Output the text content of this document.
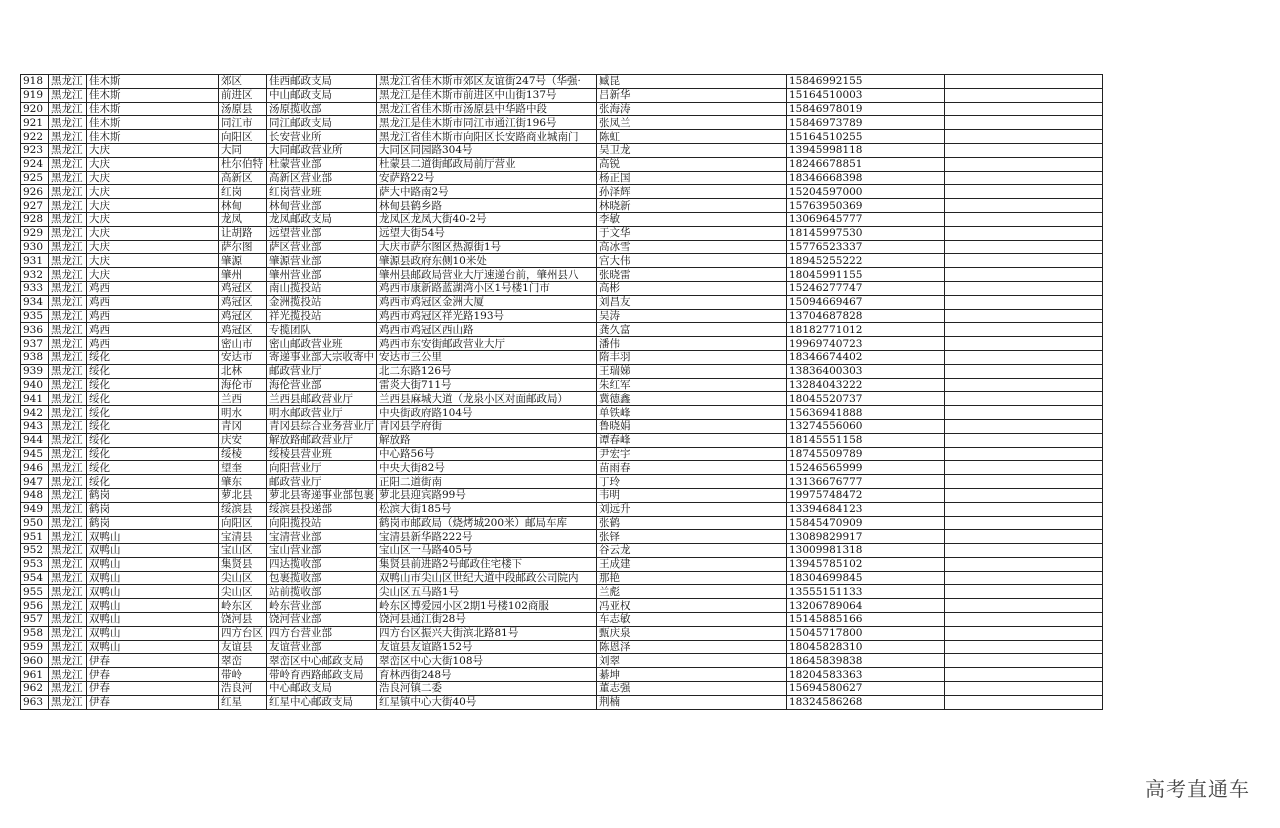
918	黑龙江	佳木斯	郊区	佳西邮政支局	黑龙江省佳木斯市郊区友谊街247号（华强·	臧昆	15846992155	
919	黑龙江	佳木斯	前进区	中山邮政支局	黑龙江是佳木斯市前进区中山街137号	吕新华	15164510003	
920	黑龙江	佳木斯	汤原县	汤原揽收部	黑龙江省佳木斯市汤原县中华路中段	张海涛	15846978019	
921	黑龙江	佳木斯	同江市	同江邮政支局	黑龙江是佳木斯市同江市通江街196号	张凤兰	15846973789	
922	黑龙江	佳木斯	向阳区	长安营业所	黑龙江省佳木斯市向阳区长安路商业城南门	陈虹	15164510255	
923	黑龙江	大庆	大同	大同邮政营业所	大同区同园路304号	吴卫龙	13945998118	
924	黑龙江	大庆	杜尔伯特	杜蒙营业部	杜蒙县二道街邮政局前厅营业	高锐	18246678851	
925	黑龙江	大庆	高新区	高新区营业部	安萨路22号	杨正国	18346668398	
926	黑龙江	大庆	红岗	红岗营业班	萨大中路南2号	孙泽辉	15204597000	
927	黑龙江	大庆	林甸	林甸营业部	林甸县鹤乡路	林晓新	15763950369	
928	黑龙江	大庆	龙凤	龙凤邮政支局	龙凤区龙凤大街40-2号	李敏	13069645777	
929	黑龙江	大庆	让胡路	远望营业部	远望大街54号	于文华	18145997530	
930	黑龙江	大庆	萨尔图	萨区营业部	大庆市萨尔图区热源街1号	高冰雪	15776523337	
931	黑龙江	大庆	肇源	肇源营业部	肇源县政府东侧10米处	宫大伟	18945255222	
932	黑龙江	大庆	肇州	肇州营业部	肇州县邮政局营业大厅速递台前，肇州县八	张晓雷	18045991155	
933	黑龙江	鸡西	鸡冠区	南山揽投站	鸡西市康新路蓝湖湾小区1号楼1门市	高彬	15246277747	
934	黑龙江	鸡西	鸡冠区	金洲揽投站	鸡西市鸡冠区金洲大厦	刘昌友	15094669467	
935	黑龙江	鸡西	鸡冠区	祥光揽投站	鸡西市鸡冠区祥光路193号	吴涛	13704687828	
936	黑龙江	鸡西	鸡冠区	专揽团队	鸡西市鸡冠区西山路	龚久富	18182771012	
937	黑龙江	鸡西	密山市	密山邮政营业班	鸡西市东安街邮政营业大厅	潘伟	19969740723	
938	黑龙江	绥化	安达市	寄递事业部大宗收寄中	安达市三公里	隋丰羽	18346674402	
939	黑龙江	绥化	北林	邮政营业厅	北二东路126号	王瑞娣	13836400303	
940	黑龙江	绥化	海伦市	海伦营业部	雷炎大街711号	朱红军	13284043222	
941	黑龙江	绥化	兰西	兰西县邮政营业厅	兰西县麻城大道（龙泉小区对面邮政局）	冀德鑫	18045520737	
942	黑龙江	绥化	明水	明水邮政营业厅	中央街政府路104号	单铁峰	15636941888	
943	黑龙江	绥化	青冈	青冈县综合业务营业厅	青冈县学府街	鲁晓娟	13274556060	
944	黑龙江	绥化	庆安	解放路邮政营业厅	解放路	谭春峰	18145551158	
945	黑龙江	绥化	绥棱	绥棱县营业班	中心路56号	尹宏宇	18745509789	
946	黑龙江	绥化	望奎	向阳营业厅	中央大街82号	苗雨春	15246565999	
947	黑龙江	绥化	肇东	邮政营业厅	正阳二道街南	丁玲	13136676777	
948	黑龙江	鹤岗	萝北县	萝北县寄递事业部包裹	萝北县迎宾路99号	韦明	19975748472	
949	黑龙江	鹤岗	绥滨县	绥滨县投递部	松滨大街185号	刘远升	13394684123	
950	黑龙江	鹤岗	向阳区	向阳揽投站	鹤岗市邮政局（烧烤城200米）邮局车库	张鹤	15845470909	
951	黑龙江	双鸭山	宝清县	宝清营业部	宝清县新华路222号	张铎	13089829917	
952	黑龙江	双鸭山	宝山区	宝山营业部	宝山区一马路405号	谷云龙	13009981318	
953	黑龙江	双鸭山	集贤县	四达揽收部	集贤县前进路2号邮政住宅楼下	王成建	13945785102	
954	黑龙江	双鸭山	尖山区	包裹揽收部	双鸭山市尖山区世纪大道中段邮政公司院内	那艳	18304699845	
955	黑龙江	双鸭山	尖山区	站前揽收部	尖山区五马路1号	兰彪	13555151133	
956	黑龙江	双鸭山	岭东区	岭东营业部	岭东区博爱园小区2期1号楼102商服	冯亚权	13206789064	
957	黑龙江	双鸭山	饶河县	饶河营业部	饶河县通江街28号	车志敏	15145885166	
958	黑龙江	双鸭山	四方台区	四方台营业部	四方台区振兴大街滨北路81号	甄庆泉	15045717800	
959	黑龙江	双鸭山	友谊县	友谊营业部	友谊县友谊路152号	陈恩泽	18045828310	
960	黑龙江	伊春	翠峦	翠峦区中心邮政支局	翠峦区中心大街108号	刘翠	18645839838	
961	黑龙江	伊春	带岭	带岭育西路邮政支局	育林西街248号	綦坤	18204583363	
962	黑龙江	伊春	浩良河	中心邮政支局	浩良河镇二委	董志强	15694580627	
963	黑龙江	伊春	红星	红星中心邮政支局	红星镇中心大街40号	荆楠	18324586268	
高考直通车
